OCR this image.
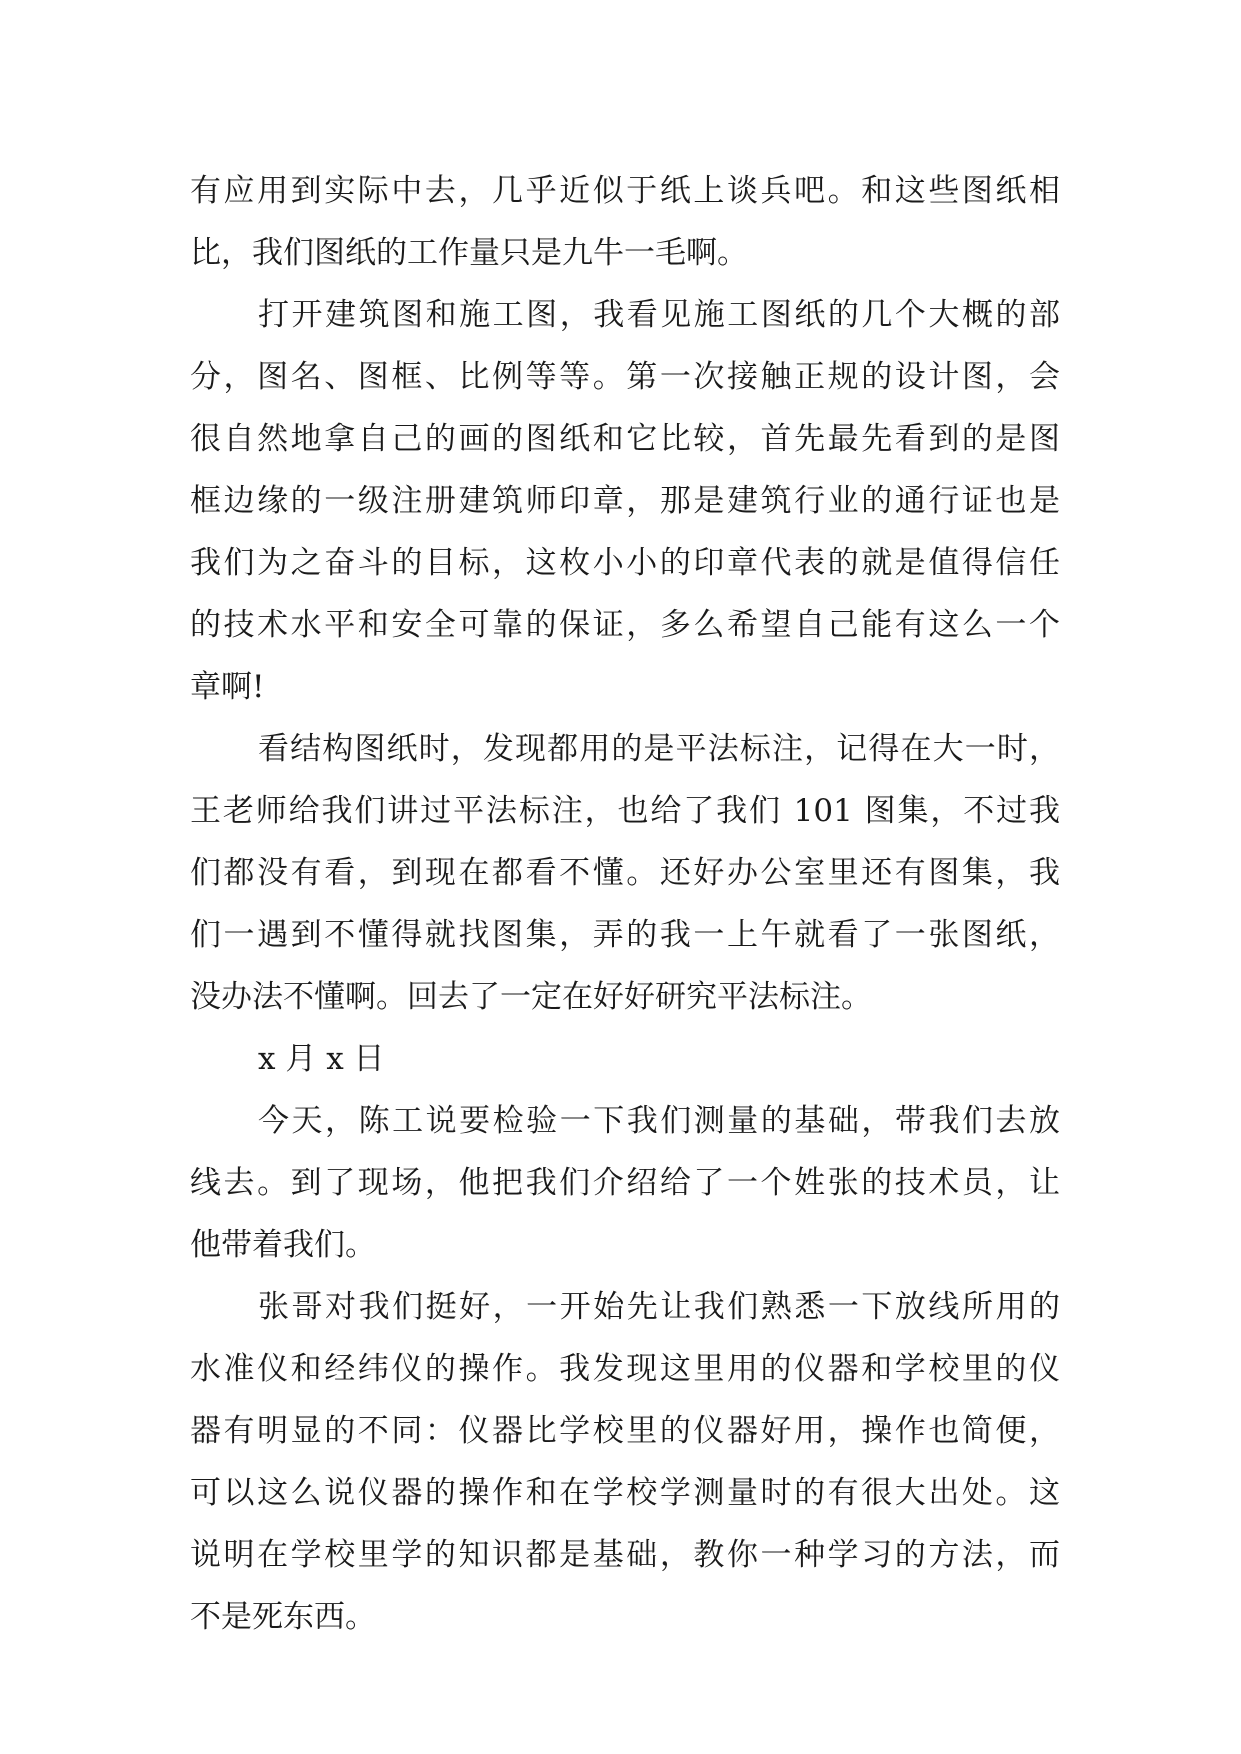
有应用到实际中去，几乎近似于纸上谈兵吧。和这些图纸相
比，我们图纸的工作量只是九牛一毛啊。
打开建筑图和施工图，我看见施工图纸的几个大概的部
分，图名、图框、比例等等。第一次接触正规的设计图，会
很自然地拿自己的画的图纸和它比较，首先最先看到的是图
框边缘的一级注册建筑师印章，那是建筑行业的通行证也是
我们为之奋斗的目标，这枚小小的印章代表的就是值得信任
的技术水平和安全可靠的保证，多么希望自己能有这么一个
章啊!
看结构图纸时，发现都用的是平法标注，记得在大一时，
王老师给我们讲过平法标注，也给了我们 101 图集，不过我
们都没有看，到现在都看不懂。还好办公室里还有图集，我
们一遇到不懂得就找图集，弄的我一上午就看了一张图纸，
没办法不懂啊。回去了一定在好好研究平法标注。
x 月 x 日
今天，陈工说要检验一下我们测量的基础，带我们去放
线去。到了现场，他把我们介绍给了一个姓张的技术员，让
他带着我们。
张哥对我们挺好，一开始先让我们熟悉一下放线所用的
水准仪和经纬仪的操作。我发现这里用的仪器和学校里的仪
器有明显的不同：仪器比学校里的仪器好用，操作也简便，
可以这么说仪器的操作和在学校学测量时的有很大出处。这
说明在学校里学的知识都是基础，教你一种学习的方法，而
不是死东西。
